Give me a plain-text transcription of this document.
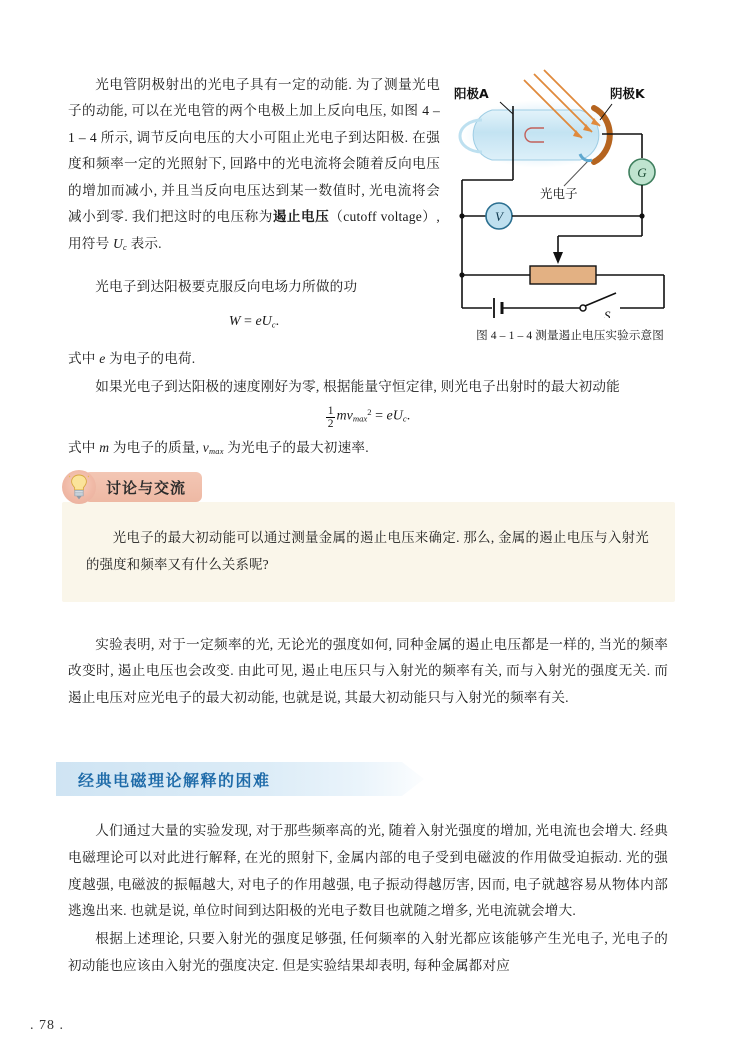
光电管阴极射出的光电子具有一定的动能. 为了测量光电子的动能, 可以在光电管的两个电极上加上反向电压, 如图 4 – 1 – 4 所示, 调节反向电压的大小可阻止光电子到达阳极. 在强度和频率一定的光照射下, 回路中的光电流将会随着反向电压的增加而减小, 并且当反向电压达到某一数值时, 光电流将会减小到零. 我们把这时的电压称为遏止电压（cutoff voltage）, 用符号 $U_c$ 表示.

光电子到达阳极要克服反向电场力所做的功

$W = eU_c$.
G
V
S
阳极A	阴极K
光电子
图 4 – 1 – 4 测量遏止电压实验示意图

式中 e 为电子的电荷.

如果光电子到达阳极的速度刚好为零, 根据能量守恒定律, 则光电子出射时的最大初动能

$\frac{1}{2} mv_{max}^2 = eU_c$.

式中 m 为电子的质量, $v_{max}$ 为光电子的最大初速率.

讨论与交流

光电子的最大初动能可以通过测量金属的遏止电压来确定. 那么, 金属的遏止电压与入射光的强度和频率又有什么关系呢?

实验表明, 对于一定频率的光, 无论光的强度如何, 同种金属的遏止电压都是一样的, 当光的频率改变时, 遏止电压也会改变. 由此可见, 遏止电压只与入射光的频率有关, 而与入射光的强度无关. 而遏止电压对应光电子的最大初动能, 也就是说, 其最大初动能只与入射光的频率有关.

经典电磁理论解释的困难

人们通过大量的实验发现, 对于那些频率高的光, 随着入射光强度的增加, 光电流也会增大. 经典电磁理论可以对此进行解释, 在光的照射下, 金属内部的电子受到电磁波的作用做受迫振动. 光的强度越强, 电磁波的振幅越大, 对电子的作用越强, 电子振动得越厉害, 因而, 电子就越容易从物体内部逃逸出来. 也就是说, 单位时间到达阳极的光电子数目也就随之增多, 光电流就会增大.

根据上述理论, 只要入射光的强度足够强, 任何频率的入射光都应该能够产生光电子, 光电子的初动能也应该由入射光的强度决定. 但是实验结果却表明, 每种金属都对应

. 78 .
